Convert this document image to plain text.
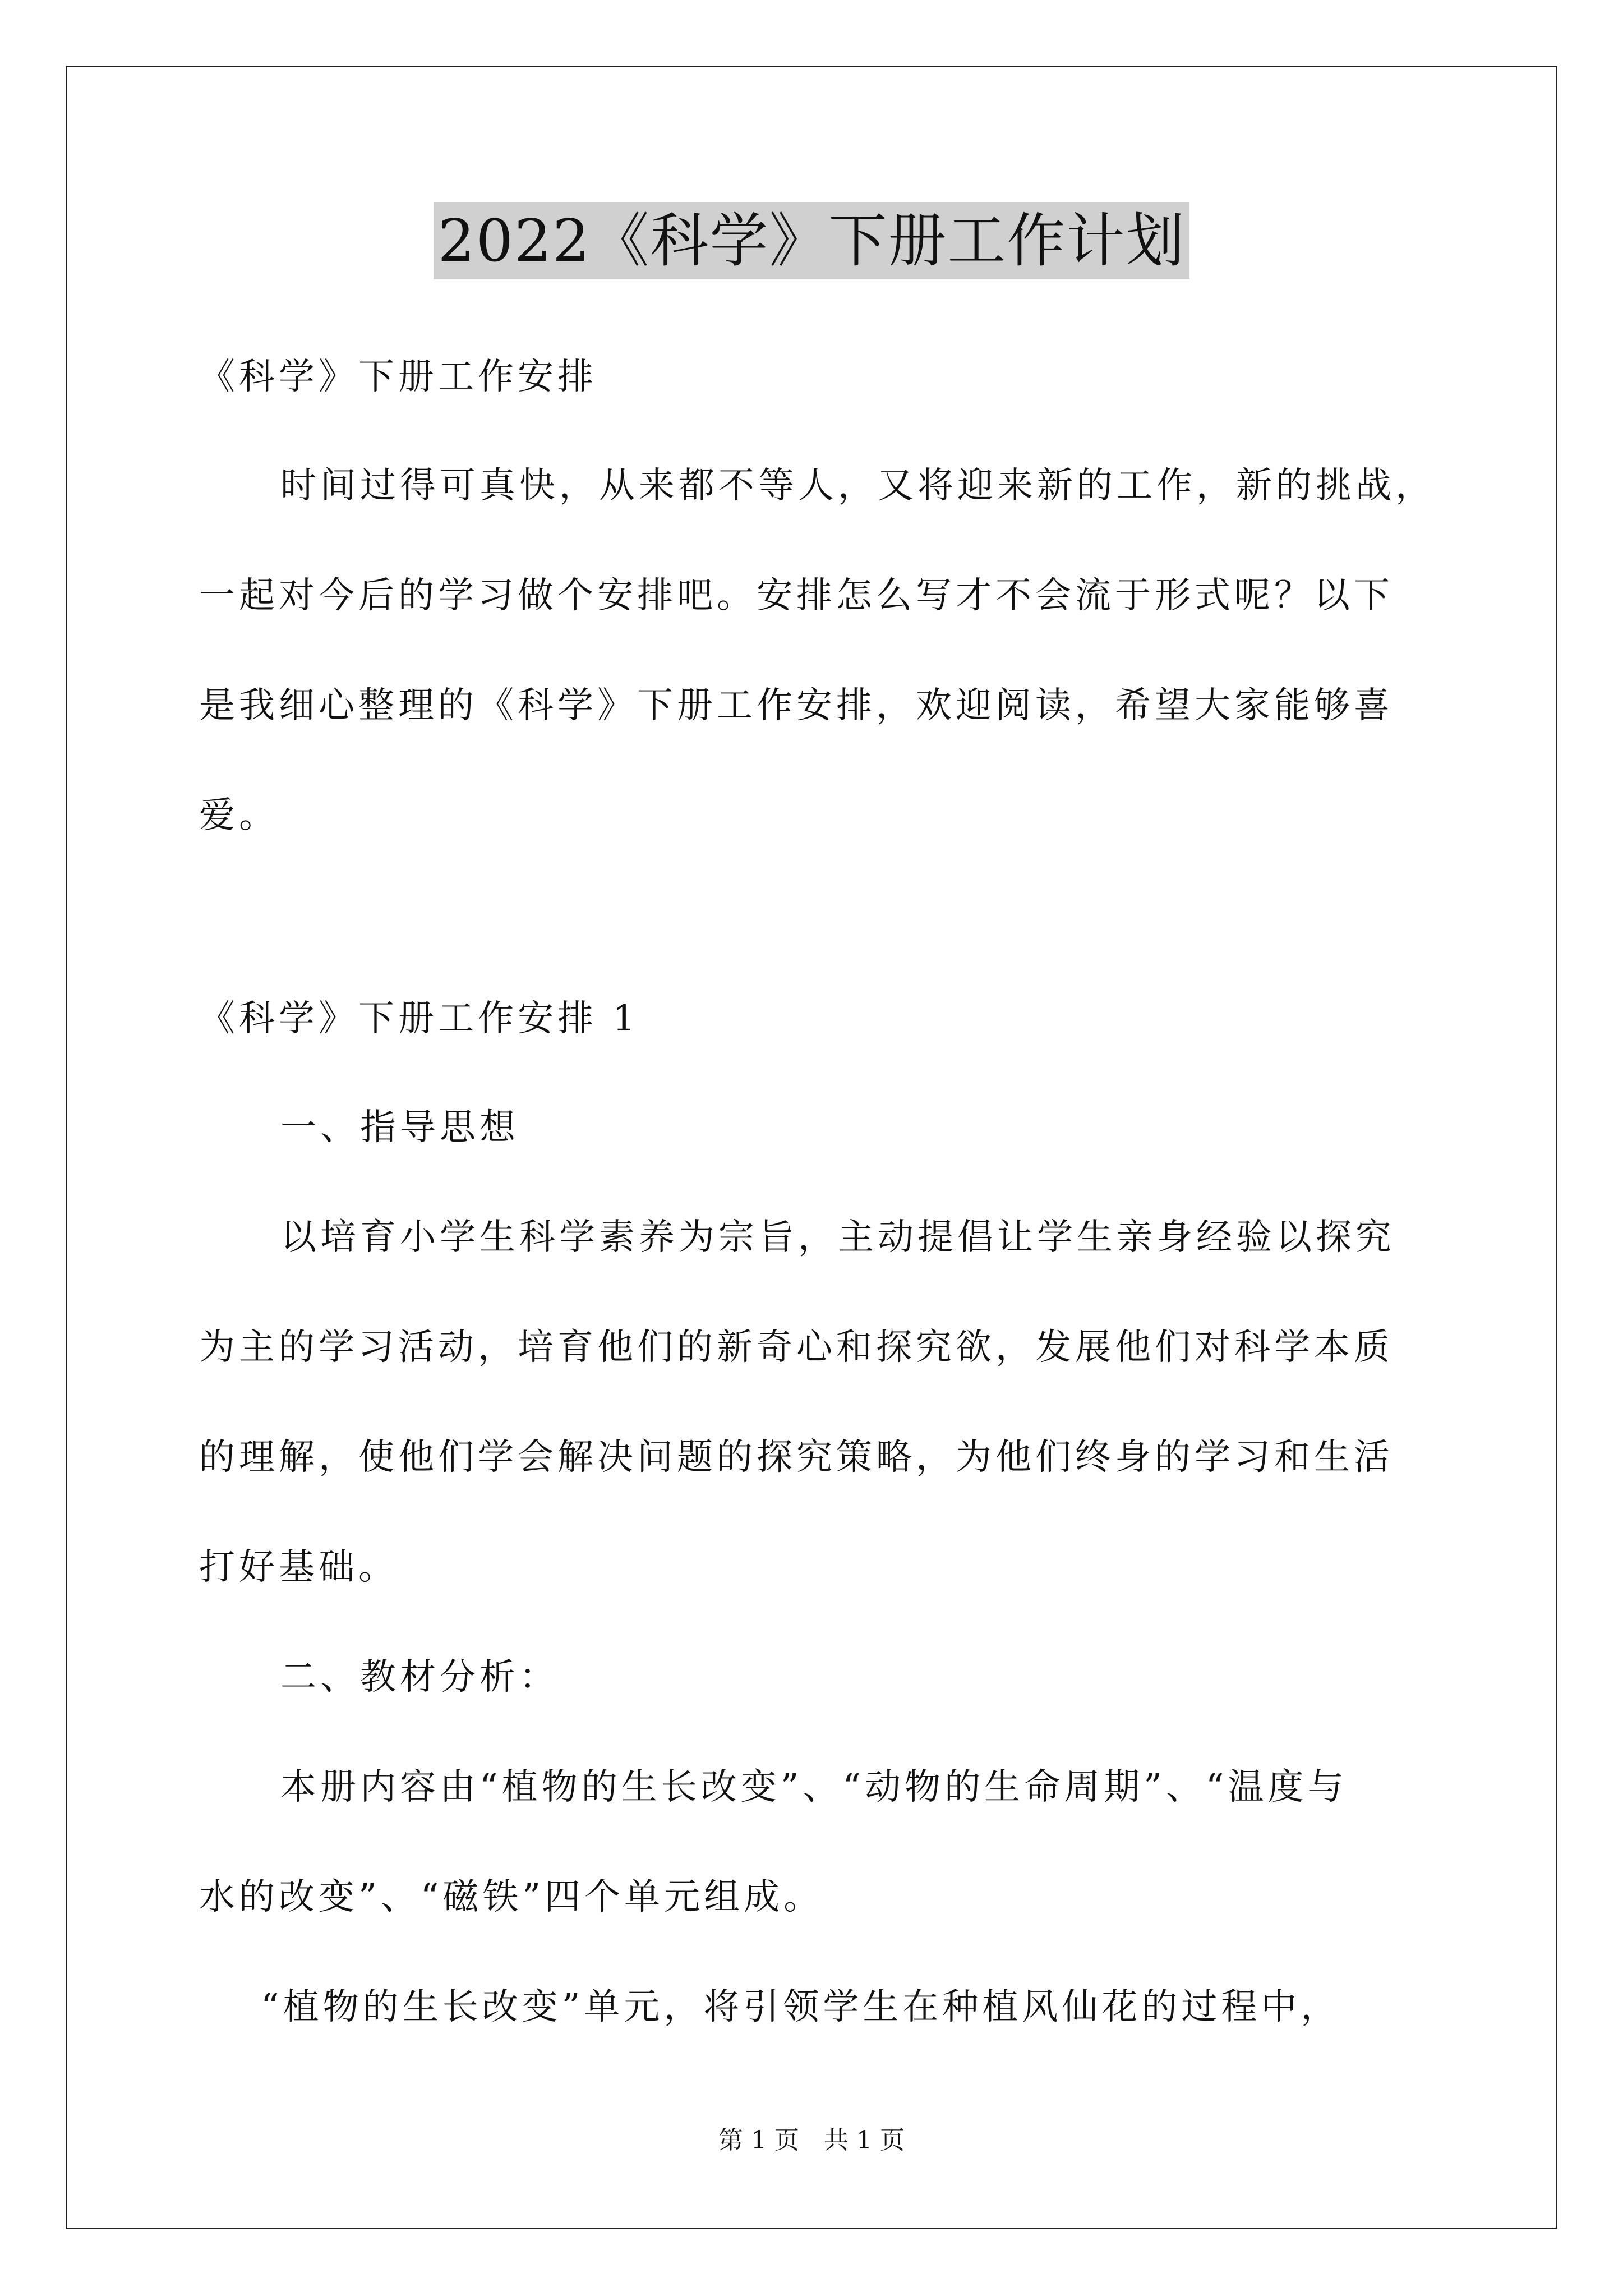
2022《科学》下册工作计划
《科学》下册工作安排
时间过得可真快，从来都不等人，又将迎来新的工作，新的挑战，
一起对今后的学习做个安排吧。安排怎么写才不会流于形式呢？以下
是我细心整理的《科学》下册工作安排，欢迎阅读，希望大家能够喜
爱。
《科学》下册工作安排 1
一、指导思想
以培育小学生科学素养为宗旨，主动提倡让学生亲身经验以探究
为主的学习活动，培育他们的新奇心和探究欲，发展他们对科学本质
的理解，使他们学会解决问题的探究策略，为他们终身的学习和生活
打好基础。
二、教材分析：
本册内容由“植物的生长改变”、“动物的生命周期”、“温度与
水的改变”、“磁铁”四个单元组成。
“植物的生长改变”单元，将引领学生在种植风仙花的过程中，
第 1 页 共 1 页
